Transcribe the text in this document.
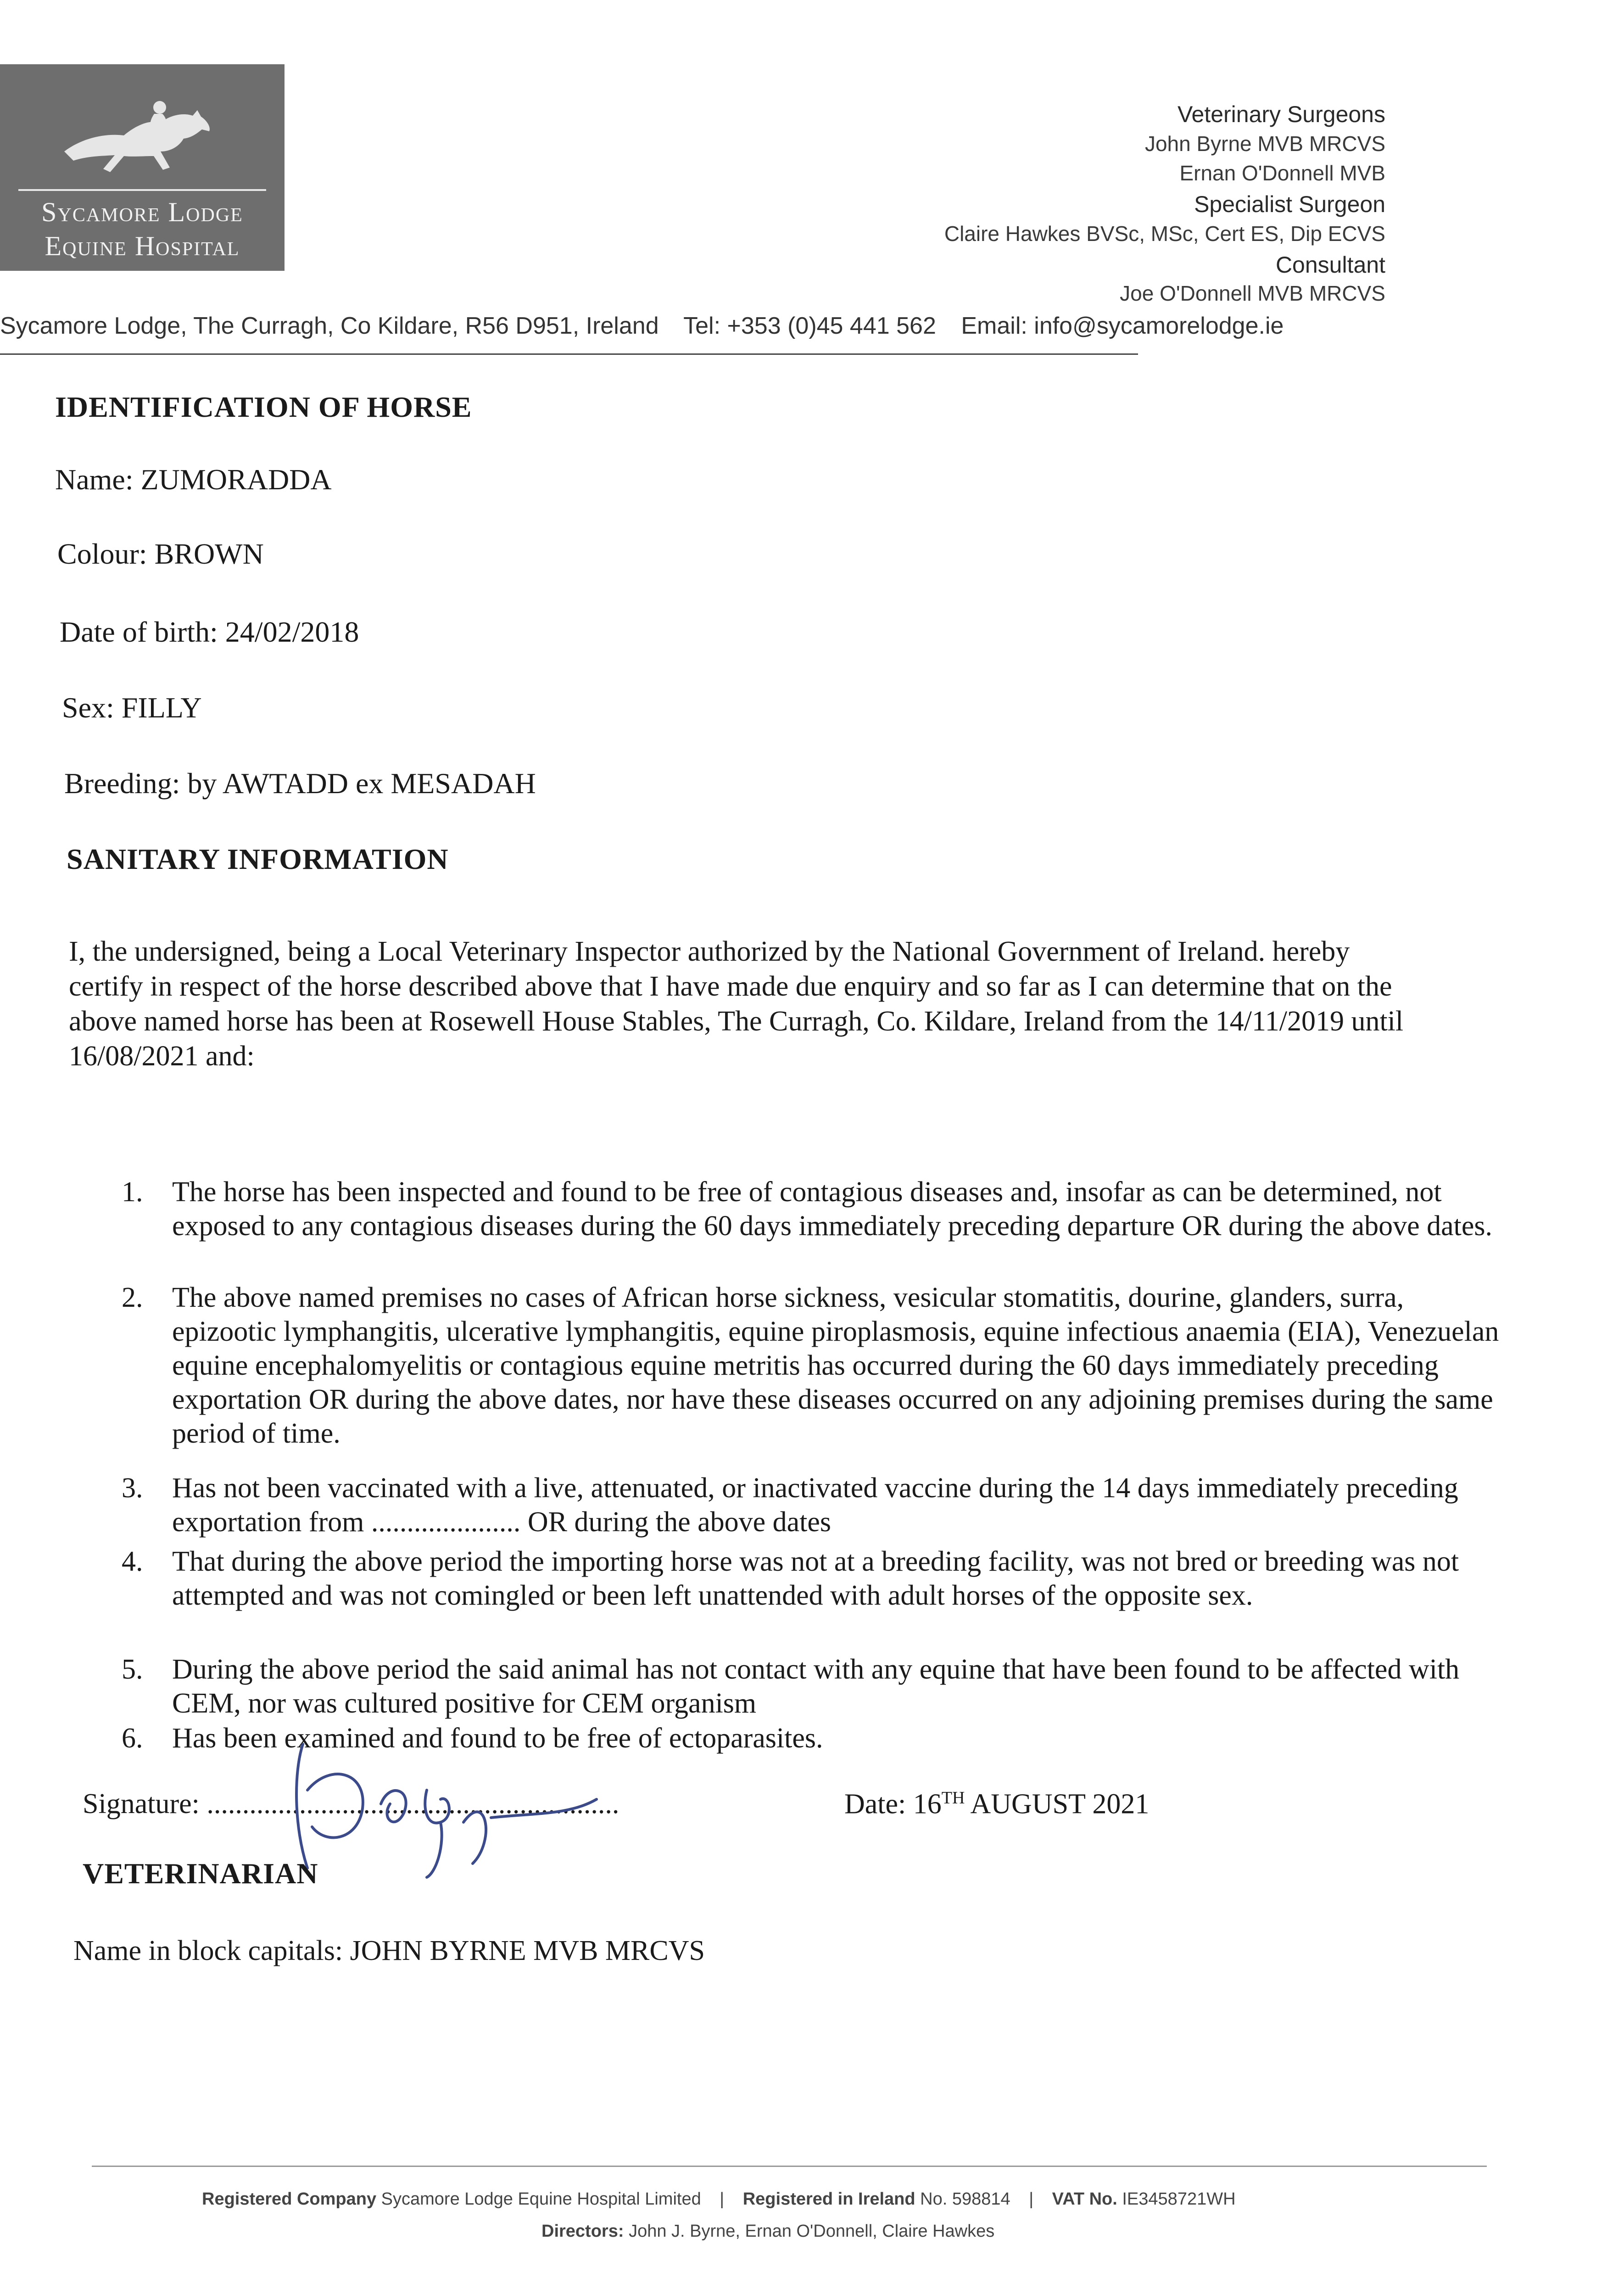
Sycamore Lodge
Equine Hospital
Veterinary Surgeons
John Byrne MVB MRCVS
Ernan O'Donnell MVB
Specialist Surgeon
Claire Hawkes BVSc, MSc, Cert ES, Dip ECVS
Consultant
Joe O'Donnell MVB MRCVS
Sycamore Lodge, The Curragh, Co Kildare, R56 D951, Ireland Tel: +353 (0)45 441 562 Email: info@sycamorelodge.ie
IDENTIFICATION OF HORSE
Name: ZUMORADDA
Colour: BROWN
Date of birth: 24/02/2018
Sex: FILLY
Breeding: by AWTADD ex MESADAH
SANITARY INFORMATION
I, the undersigned, being a Local Veterinary Inspector authorized by the National Government of Ireland. hereby certify in respect of the horse described above that I have made due enquiry and so far as I can determine that on the above named horse has been at Rosewell House Stables, The Curragh, Co. Kildare, Ireland from the 14/11/2019 until 16/08/2021 and:
1. The horse has been inspected and found to be free of contagious diseases and, insofar as can be determined, not exposed to any contagious diseases during the 60 days immediately preceding departure OR during the above dates.
2. The above named premises no cases of African horse sickness, vesicular stomatitis, dourine, glanders, surra, epizootic lymphangitis, ulcerative lymphangitis, equine piroplasmosis, equine infectious anaemia (EIA), Venezuelan equine encephalomyelitis or contagious equine metritis has occurred during the 60 days immediately preceding exportation OR during the above dates, nor have these diseases occurred on any adjoining premises during the same period of time.
3. Has not been vaccinated with a live, attenuated, or inactivated vaccine during the 14 days immediately preceding exportation from ..................... OR during the above dates
4. That during the above period the importing horse was not at a breeding facility, was not bred or breeding was not attempted and was not comingled or been left unattended with adult horses of the opposite sex.
5. During the above period the said animal has not contact with any equine that have been found to be affected with CEM, nor was cultured positive for CEM organism
6. Has been examined and found to be free of ectoparasites.
Signature: ..........................................................	Date: 16TH AUGUST 2021
VETERINARIAN
Name in block capitals: JOHN BYRNE MVB MRCVS
Registered Company Sycamore Lodge Equine Hospital Limited | Registered in Ireland No. 598814 | VAT No. IE3458721WH
Directors: John J. Byrne, Ernan O'Donnell, Claire Hawkes
